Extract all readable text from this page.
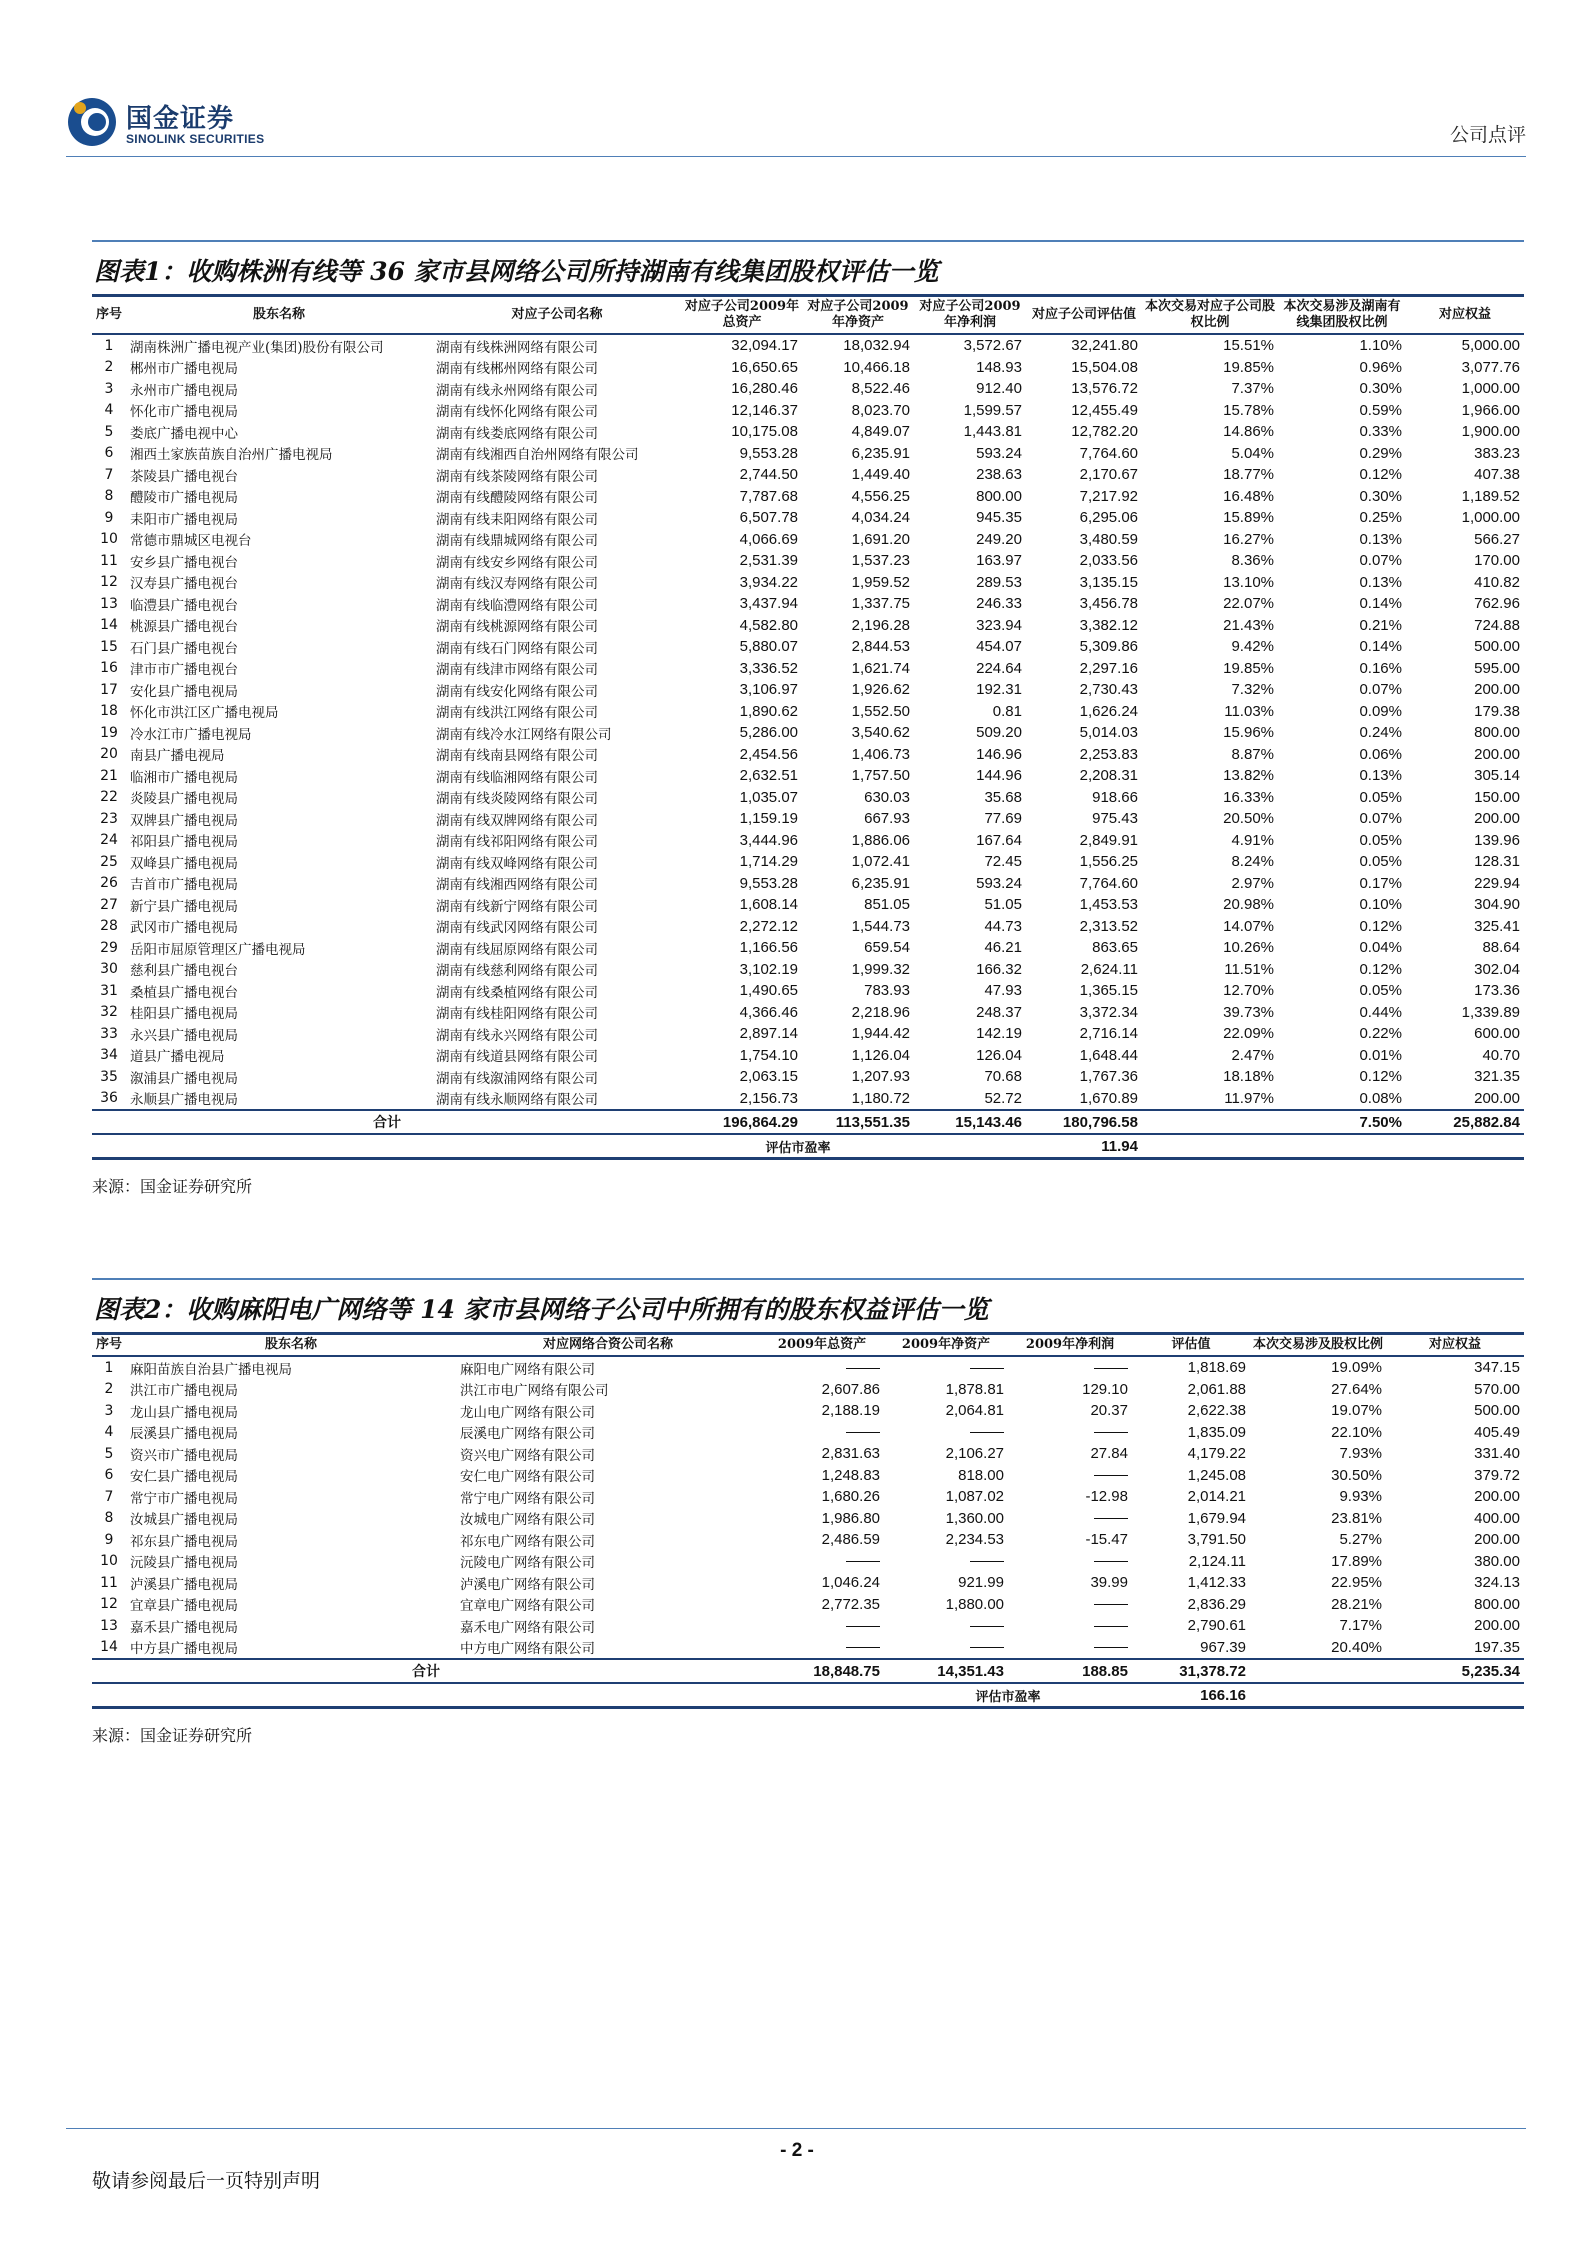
国金证券
SINOLINK SECURITIES	公司点评
图表1：收购株洲有线等 36 家市县网络公司所持湖南有线集团股权评估一览
序号	股东名称	对应子公司名称	对应子公司2009年总资产	对应子公司2009年净资产	对应子公司2009年净利润	对应子公司评估值	本次交易对应子公司股权比例	本次交易涉及湖南有线集团股权比例	对应权益
1	湖南株洲广播电视产业(集团)股份有限公司	湖南有线株洲网络有限公司	32,094.17	18,032.94	3,572.67	32,241.80	15.51%	1.10%	5,000.00
2	郴州市广播电视局	湖南有线郴州网络有限公司	16,650.65	10,466.18	148.93	15,504.08	19.85%	0.96%	3,077.76
3	永州市广播电视局	湖南有线永州网络有限公司	16,280.46	8,522.46	912.40	13,576.72	7.37%	0.30%	1,000.00
4	怀化市广播电视局	湖南有线怀化网络有限公司	12,146.37	8,023.70	1,599.57	12,455.49	15.78%	0.59%	1,966.00
5	娄底广播电视中心	湖南有线娄底网络有限公司	10,175.08	4,849.07	1,443.81	12,782.20	14.86%	0.33%	1,900.00
6	湘西土家族苗族自治州广播电视局	湖南有线湘西自治州网络有限公司	9,553.28	6,235.91	593.24	7,764.60	5.04%	0.29%	383.23
7	茶陵县广播电视台	湖南有线茶陵网络有限公司	2,744.50	1,449.40	238.63	2,170.67	18.77%	0.12%	407.38
8	醴陵市广播电视局	湖南有线醴陵网络有限公司	7,787.68	4,556.25	800.00	7,217.92	16.48%	0.30%	1,189.52
9	耒阳市广播电视局	湖南有线耒阳网络有限公司	6,507.78	4,034.24	945.35	6,295.06	15.89%	0.25%	1,000.00
10	常德市鼎城区电视台	湖南有线鼎城网络有限公司	4,066.69	1,691.20	249.20	3,480.59	16.27%	0.13%	566.27
11	安乡县广播电视台	湖南有线安乡网络有限公司	2,531.39	1,537.23	163.97	2,033.56	8.36%	0.07%	170.00
12	汉寿县广播电视台	湖南有线汉寿网络有限公司	3,934.22	1,959.52	289.53	3,135.15	13.10%	0.13%	410.82
13	临澧县广播电视台	湖南有线临澧网络有限公司	3,437.94	1,337.75	246.33	3,456.78	22.07%	0.14%	762.96
14	桃源县广播电视台	湖南有线桃源网络有限公司	4,582.80	2,196.28	323.94	3,382.12	21.43%	0.21%	724.88
15	石门县广播电视台	湖南有线石门网络有限公司	5,880.07	2,844.53	454.07	5,309.86	9.42%	0.14%	500.00
16	津市市广播电视台	湖南有线津市网络有限公司	3,336.52	1,621.74	224.64	2,297.16	19.85%	0.16%	595.00
17	安化县广播电视局	湖南有线安化网络有限公司	3,106.97	1,926.62	192.31	2,730.43	7.32%	0.07%	200.00
18	怀化市洪江区广播电视局	湖南有线洪江网络有限公司	1,890.62	1,552.50	0.81	1,626.24	11.03%	0.09%	179.38
19	冷水江市广播电视局	湖南有线冷水江网络有限公司	5,286.00	3,540.62	509.20	5,014.03	15.96%	0.24%	800.00
20	南县广播电视局	湖南有线南县网络有限公司	2,454.56	1,406.73	146.96	2,253.83	8.87%	0.06%	200.00
21	临湘市广播电视局	湖南有线临湘网络有限公司	2,632.51	1,757.50	144.96	2,208.31	13.82%	0.13%	305.14
22	炎陵县广播电视局	湖南有线炎陵网络有限公司	1,035.07	630.03	35.68	918.66	16.33%	0.05%	150.00
23	双牌县广播电视局	湖南有线双牌网络有限公司	1,159.19	667.93	77.69	975.43	20.50%	0.07%	200.00
24	祁阳县广播电视局	湖南有线祁阳网络有限公司	3,444.96	1,886.06	167.64	2,849.91	4.91%	0.05%	139.96
25	双峰县广播电视局	湖南有线双峰网络有限公司	1,714.29	1,072.41	72.45	1,556.25	8.24%	0.05%	128.31
26	吉首市广播电视局	湖南有线湘西网络有限公司	9,553.28	6,235.91	593.24	7,764.60	2.97%	0.17%	229.94
27	新宁县广播电视局	湖南有线新宁网络有限公司	1,608.14	851.05	51.05	1,453.53	20.98%	0.10%	304.90
28	武冈市广播电视局	湖南有线武冈网络有限公司	2,272.12	1,544.73	44.73	2,313.52	14.07%	0.12%	325.41
29	岳阳市屈原管理区广播电视局	湖南有线屈原网络有限公司	1,166.56	659.54	46.21	863.65	10.26%	0.04%	88.64
30	慈利县广播电视台	湖南有线慈利网络有限公司	3,102.19	1,999.32	166.32	2,624.11	11.51%	0.12%	302.04
31	桑植县广播电视台	湖南有线桑植网络有限公司	1,490.65	783.93	47.93	1,365.15	12.70%	0.05%	173.36
32	桂阳县广播电视局	湖南有线桂阳网络有限公司	4,366.46	2,218.96	248.37	3,372.34	39.73%	0.44%	1,339.89
33	永兴县广播电视局	湖南有线永兴网络有限公司	2,897.14	1,944.42	142.19	2,716.14	22.09%	0.22%	600.00
34	道县广播电视局	湖南有线道县网络有限公司	1,754.10	1,126.04	126.04	1,648.44	2.47%	0.01%	40.70
35	溆浦县广播电视局	湖南有线溆浦网络有限公司	2,063.15	1,207.93	70.68	1,767.36	18.18%	0.12%	321.35
36	永顺县广播电视局	湖南有线永顺网络有限公司	2,156.73	1,180.72	52.72	1,670.89	11.97%	0.08%	200.00
合计			196,864.29	113,551.35	15,143.46	180,796.58		7.50%	25,882.84
			评估市盈率			11.94			
来源：国金证券研究所
图表2：收购麻阳电广网络等 14 家市县网络子公司中所拥有的股东权益评估一览
序号	股东名称	对应网络合资公司名称	2009年总资产	2009年净资产	2009年净利润	评估值	本次交易涉及股权比例	对应权益
1	麻阳苗族自治县广播电视局	麻阳电广网络有限公司				1,818.69	19.09%	347.15
2	洪江市广播电视局	洪江市电广网络有限公司	2,607.86	1,878.81	129.10	2,061.88	27.64%	570.00
3	龙山县广播电视局	龙山电广网络有限公司	2,188.19	2,064.81	20.37	2,622.38	19.07%	500.00
4	辰溪县广播电视局	辰溪电广网络有限公司				1,835.09	22.10%	405.49
5	资兴市广播电视局	资兴电广网络有限公司	2,831.63	2,106.27	27.84	4,179.22	7.93%	331.40
6	安仁县广播电视局	安仁电广网络有限公司	1,248.83	818.00		1,245.08	30.50%	379.72
7	常宁市广播电视局	常宁电广网络有限公司	1,680.26	1,087.02	-12.98	2,014.21	9.93%	200.00
8	汝城县广播电视局	汝城电广网络有限公司	1,986.80	1,360.00		1,679.94	23.81%	400.00
9	祁东县广播电视局	祁东电广网络有限公司	2,486.59	2,234.53	-15.47	3,791.50	5.27%	200.00
10	沅陵县广播电视局	沅陵电广网络有限公司				2,124.11	17.89%	380.00
11	泸溪县广播电视局	泸溪电广网络有限公司	1,046.24	921.99	39.99	1,412.33	22.95%	324.13
12	宜章县广播电视局	宜章电广网络有限公司	2,772.35	1,880.00		2,836.29	28.21%	800.00
13	嘉禾县广播电视局	嘉禾电广网络有限公司				2,790.61	7.17%	200.00
14	中方县广播电视局	中方电广网络有限公司				967.39	20.40%	197.35
合计			18,848.75	14,351.43	188.85	31,378.72		5,235.34
				评估市盈率		166.16		
来源：国金证券研究所
- 2 -
敬请参阅最后一页特别声明
